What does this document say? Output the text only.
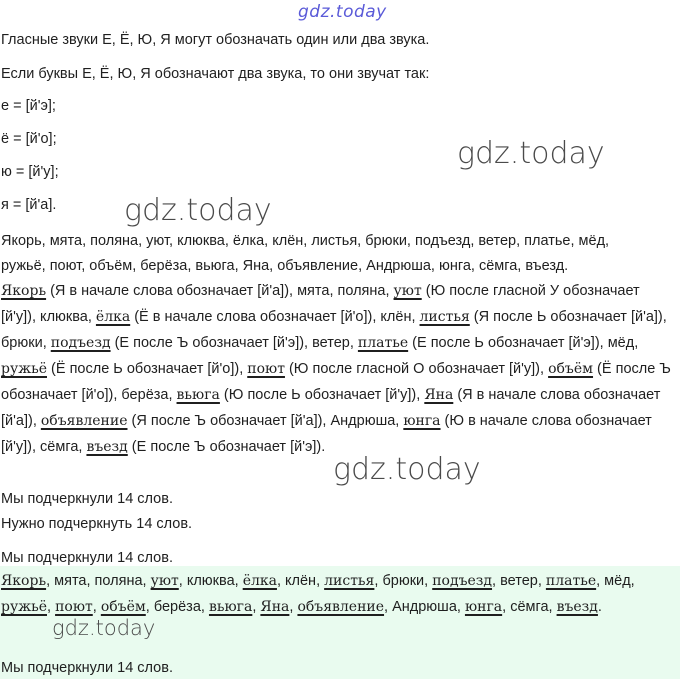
gdz.today
gdz.today
gdz.today
gdz.today
Гласные звуки Е, Ё, Ю, Я могут обозначать один или два звука.
Если буквы Е, Ё, Ю, Я обозначают два звука, то они звучат так:
е = [й'э];
ё = [й'о];
ю = [й'у];
я = [й'а].
Якорь, мята, поляна, уют, клюква, ёлка, клён, листья, брюки, подъезд, ветер, платье, мёд,
ружьё, поют, объём, берёза, вьюга, Яна, объявление, Андрюша, юнга, сёмга, въезд.
Якорь (Я в начале слова обозначает [й'а]), мята, поляна, уют (Ю после гласной У обозначает [й'у]), клюква, ёлка (Ё в начале слова обозначает [й'о]), клён, листья (Я после Ь обозначает [й'а]), брюки, подъезд (Е после Ъ обозначает [й'э]), ветер, платье (Е после Ь обозначает [й'э]), мёд, ружьё (Ё после Ь обозначает [й'о]), поют (Ю после гласной О обозначает [й'у]), объём (Ё после Ъ обозначает [й'о]), берёза, вьюга (Ю после Ь обозначает [й'у]), Яна (Я в начале слова обозначает [й'а]), объявление (Я после Ъ обозначает [й'а]), Андрюша, юнга (Ю в начале слова обозначает [й'у]), сёмга, въезд (Е после Ъ обозначает [й'э]).
Мы подчеркнули 14 слов.
Нужно подчеркнуть 14 слов.
Мы подчеркнули 14 слов.
Якорь, мята, поляна, уют, клюква, ёлка, клён, листья, брюки, подъезд, ветер, платье, мёд, ружьё, поют, объём, берёза, вьюга, Яна, объявление, Андрюша, юнга, сёмга, въезд.
gdz.today
Мы подчеркнули 14 слов.
